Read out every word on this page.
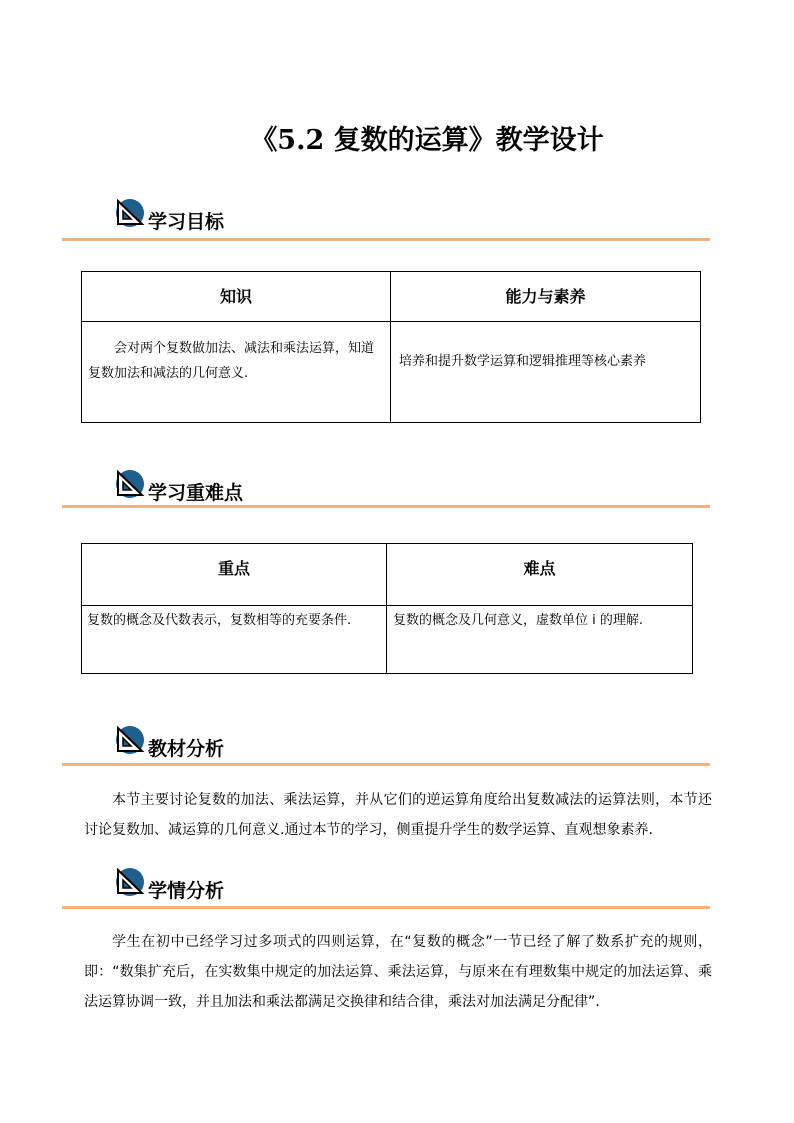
《5.2 复数的运算》教学设计
学习目标
知识	能力与素养
会对两个复数做加法、减法和乘法运算，知道复数加法和减法的几何意义.	培养和提升数学运算和逻辑推理等核心素养
学习重难点
重点	难点
复数的概念及代数表示，复数相等的充要条件.	复数的概念及几何意义，虚数单位 i 的理解.
教材分析
本节主要讨论复数的加法、乘法运算，并从它们的逆运算角度给出复数减法的运算法则，本节还讨论复数加、减运算的几何意义.通过本节的学习，侧重提升学生的数学运算、直观想象素养.
学情分析
学生在初中已经学习过多项式的四则运算，在“复数的概念”一节已经了解了数系扩充的规则，即：“数集扩充后，在实数集中规定的加法运算、乘法运算，与原来在有理数集中规定的加法运算、乘法运算协调一致，并且加法和乘法都满足交换律和结合律，乘法对加法满足分配律”.
